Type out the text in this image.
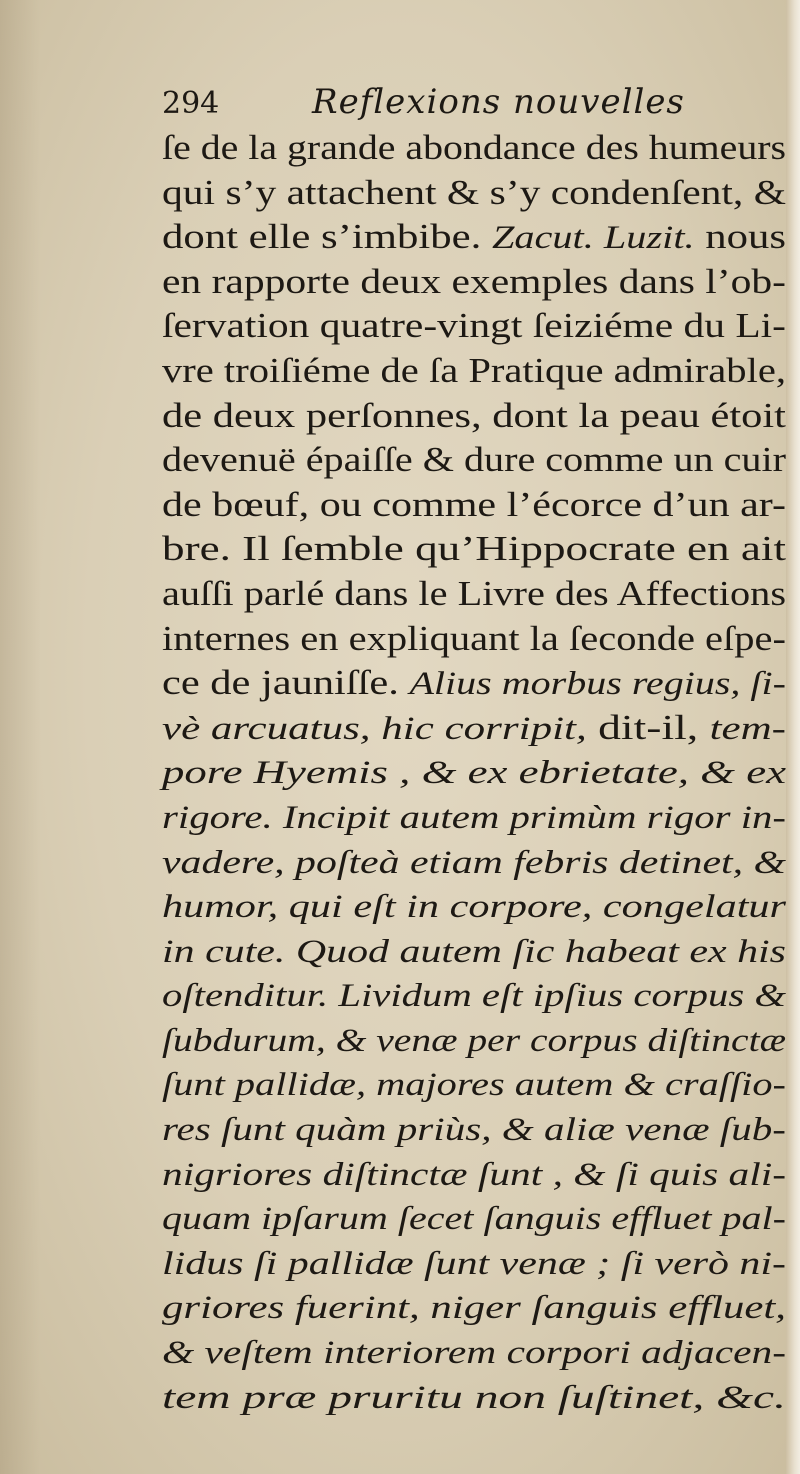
294	Reflexions nouvelles
ſe de la grande abondance des humeurs
qui s’y attachent & s’y condenſent, &
dont elle s’imbibe. Zacut. Luzit. nous
en rapporte deux exemples dans l’ob-
ſervation quatre-vingt ſeiziéme du Li-
vre troiſiéme de ſa Pratique admirable,
de deux perſonnes, dont la peau étoit
devenuë épaiſſe & dure comme un cuir
de bœuf, ou comme l’écorce d’un ar-
bre. Il ſemble qu’Hippocrate en ait
auſſi parlé dans le Livre des Affections
internes en expliquant la ſeconde eſpe-
ce de jauniſſe. Alius morbus regius, ſi-
vè arcuatus, hic corripit, dit-il, tem-
pore Hyemis , & ex ebrietate, & ex
rigore. Incipit autem primùm rigor in-
vadere, poſteà etiam febris detinet, &
humor, qui eſt in corpore, congelatur
in cute. Quod autem ſic habeat ex his
oſtenditur. Lividum eſt ipſius corpus &
ſubdurum, & venæ per corpus diſtinctæ
ſunt pallidæ, majores autem & craſſio-
res ſunt quàm priùs, & aliæ venæ ſub-
nigriores diſtinctæ ſunt , & ſi quis ali-
quam ipſarum ſecet ſanguis effluet pal-
lidus ſi pallidæ ſunt venæ ; ſi verò ni-
griores fuerint, niger ſanguis effluet,
& veſtem interiorem corpori adjacen-
tem præ pruritu non ſuſtinet, &c.
